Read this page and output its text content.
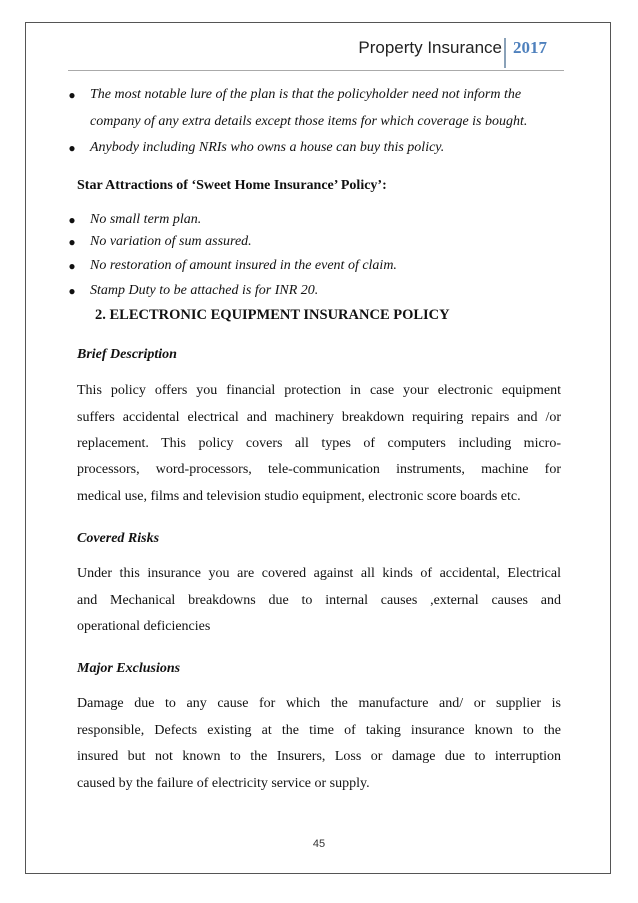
Property Insurance 2017
● The most notable lure of the plan is that the policyholder need not inform the
company of any extra details except those items for which coverage is bought.
● Anybody including NRIs who owns a house can buy this policy.
Star Attractions of ‘Sweet Home Insurance’ Policy’:
● No small term plan.
● No variation of sum assured.
● No restoration of amount insured in the event of claim.
● Stamp Duty to be attached is for INR 20.
2. ELECTRONIC EQUIPMENT INSURANCE POLICY
Brief Description
This policy offers you financial protection in case your electronic equipment
suffers accidental electrical and machinery breakdown requiring repairs and /or
replacement. This policy covers all types of computers including micro-
processors, word-processors, tele-communication instruments, machine for
medical use, films and television studio equipment, electronic score boards etc.
Covered Risks
Under this insurance you are covered against all kinds of accidental, Electrical
and Mechanical breakdowns due to internal causes ,external causes and
operational deficiencies
Major Exclusions
Damage due to any cause for which the manufacture and/ or supplier is
responsible, Defects existing at the time of taking insurance known to the
insured but not known to the Insurers, Loss or damage due to interruption
caused by the failure of electricity service or supply.
45
